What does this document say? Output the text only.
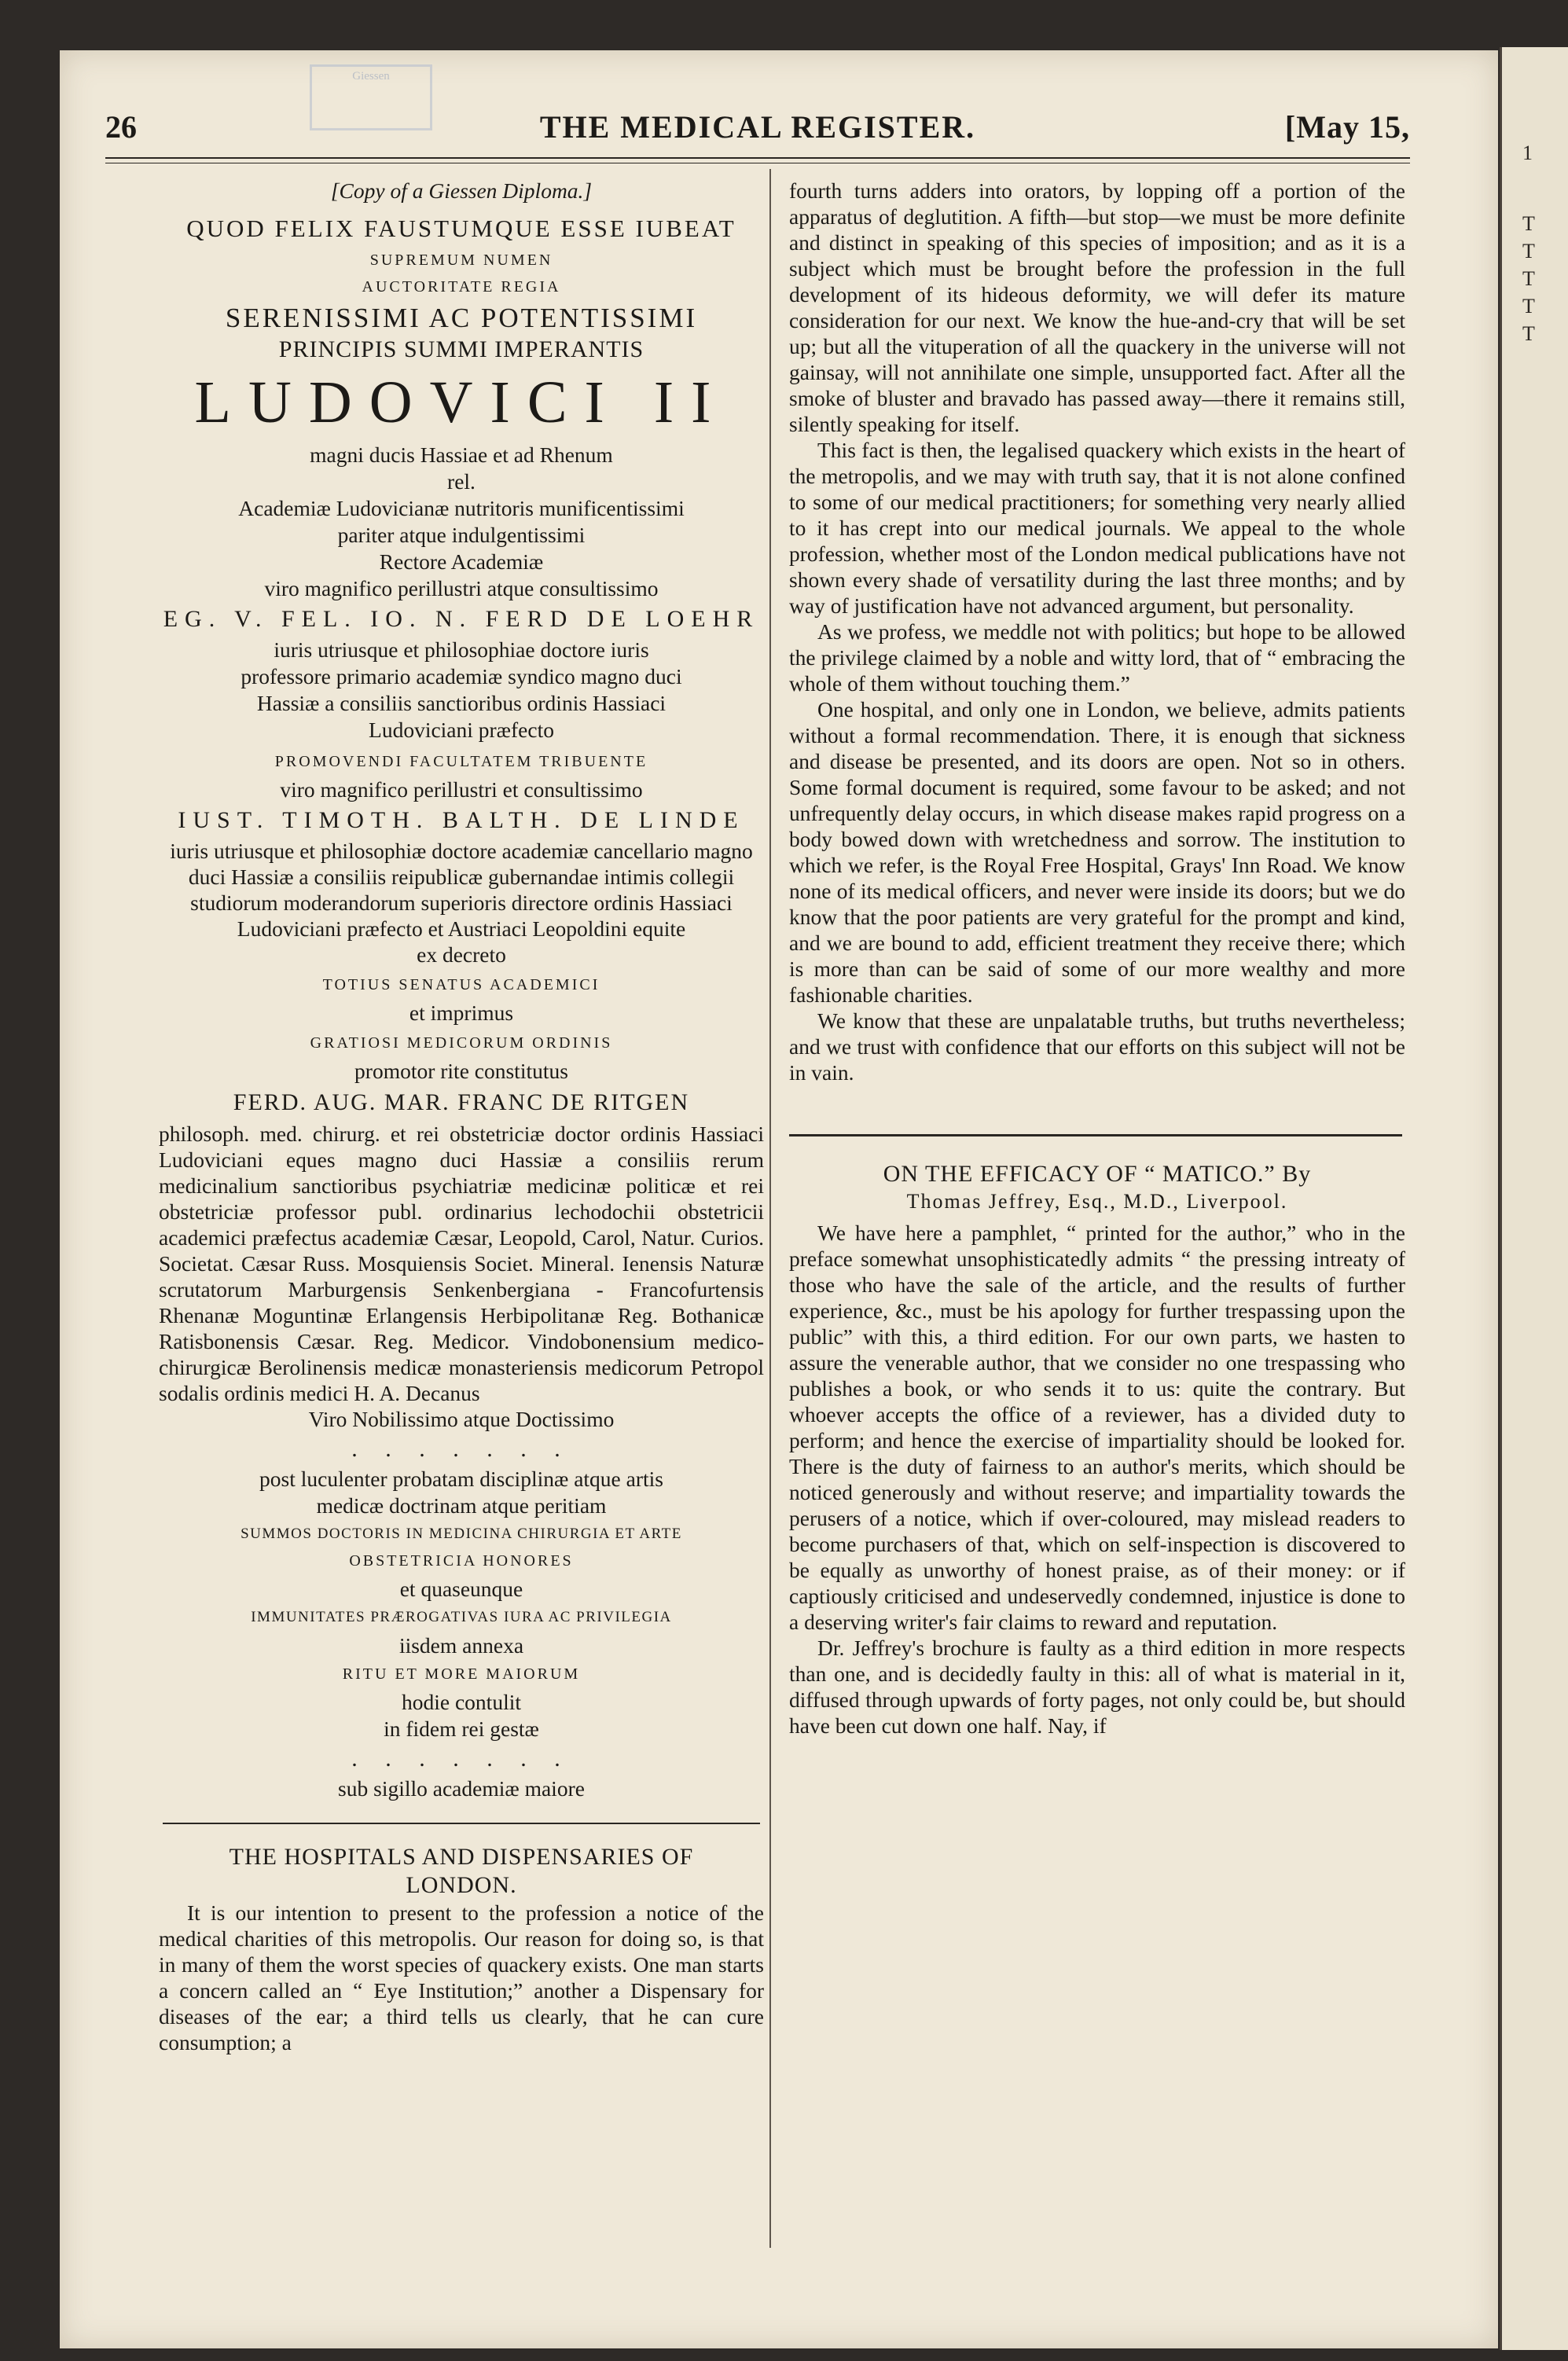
Giessen
1
T
T
T
T
T
THE MEDICAL REGISTER.
26	[May 15,

[Copy of a Giessen Diploma.]

QUOD FELIX FAUSTUMQUE ESSE IUBEAT

SUPREMUM NUMEN

AUCTORITATE REGIA

SERENISSIMI AC POTENTISSIMI

PRINCIPIS SUMMI IMPERANTIS

LUDOVICI II

magni ducis Hassiae et ad Rhenum

rel.

Academiæ Ludovicianæ nutritoris munificentissimi

pariter atque indulgentissimi

Rectore Academiæ

viro magnifico perillustri atque consultissimo

EG. V. FEL. IO. N. FERD DE LOEHR

iuris utriusque et philosophiae doctore iuris

professore primario academiæ syndico magno duci

Hassiæ a consiliis sanctioribus ordinis Hassiaci

Ludoviciani præfecto

PROMOVENDI FACULTATEM TRIBUENTE

viro magnifico perillustri et consultissimo

IUST. TIMOTH. BALTH. DE LINDE

iuris utriusque et philosophiæ doctore academiæ cancellario magno duci Hassiæ a consiliis reipublicæ gubernandae intimis collegii studiorum moderandorum superioris directore ordinis Hassiaci Ludoviciani præfecto et Austriaci Leopoldini equite

ex decreto

TOTIUS SENATUS ACADEMICI

et imprimus

GRATIOSI MEDICORUM ORDINIS

promotor rite constitutus

FERD. AUG. MAR. FRANC DE RITGEN

philosoph. med. chirurg. et rei obstetriciæ doctor ordinis Hassiaci Ludoviciani eques magno duci Hassiæ a consiliis rerum medicinalium sanctioribus psychiatriæ medicinæ politicæ et rei obstetriciæ professor publ. ordinarius lechodochii obstetricii academici præfectus academiæ Cæsar, Leopold, Carol, Natur. Curios. Societat. Cæsar Russ. Mosquiensis Societ. Mineral. Ienensis Naturæ scrutatorum Marburgensis Senkenbergiana - Francofurtensis Rhenanæ Moguntinæ Erlangensis Herbipolitanæ Reg. Bothanicæ Ratisbonensis Cæsar. Reg. Medicor. Vindobonensium medico-chirurgicæ Berolinensis medicæ monasteriensis medicorum Petropol sodalis ordinis medici H. A. Decanus

Viro Nobilissimo atque Doctissimo

. . . . . . .

post luculenter probatam disciplinæ atque artis

medicæ doctrinam atque peritiam

SUMMOS DOCTORIS IN MEDICINA CHIRURGIA ET ARTE

OBSTETRICIA HONORES

et quaseunque

IMMUNITATES PRÆROGATIVAS IURA AC PRIVILEGIA

iisdem annexa

RITU ET MORE MAIORUM

hodie contulit

in fidem rei gestæ

. . . . . . .

sub sigillo academiæ maiore

THE HOSPITALS AND DISPENSARIES OF

LONDON.

It is our intention to present to the profession a notice of the medical charities of this metropolis. Our reason for doing so, is that in many of them the worst species of quackery exists. One man starts a concern called an “ Eye Institution;” another a Dispensary for diseases of the ear; a third tells us clearly, that he can cure consumption; a

fourth turns adders into orators, by lopping off a portion of the apparatus of deglutition. A fifth—but stop—we must be more definite and distinct in speaking of this species of imposition; and as it is a subject which must be brought before the profession in the full development of its hideous deformity, we will defer its mature consideration for our next. We know the hue-and-cry that will be set up; but all the vituperation of all the quackery in the universe will not gainsay, will not annihilate one simple, unsupported fact. After all the smoke of bluster and bravado has passed away—there it remains still, silently speaking for itself.

This fact is then, the legalised quackery which exists in the heart of the metropolis, and we may with truth say, that it is not alone confined to some of our medical practitioners; for something very nearly allied to it has crept into our medical journals. We appeal to the whole profession, whether most of the London medical publications have not shown every shade of versatility during the last three months; and by way of justification have not advanced argument, but personality.

As we profess, we meddle not with politics; but hope to be allowed the privilege claimed by a noble and witty lord, that of “ embracing the whole of them without touching them.”

One hospital, and only one in London, we believe, admits patients without a formal recommendation. There, it is enough that sickness and disease be presented, and its doors are open. Not so in others. Some formal document is required, some favour to be asked; and not unfrequently delay occurs, in which disease makes rapid progress on a body bowed down with wretchedness and sorrow. The institution to which we refer, is the Royal Free Hospital, Grays' Inn Road. We know none of its medical officers, and never were inside its doors; but we do know that the poor patients are very grateful for the prompt and kind, and we are bound to add, efficient treatment they receive there; which is more than can be said of some of our more wealthy and more fashionable charities.

We know that these are unpalatable truths, but truths nevertheless; and we trust with confidence that our efforts on this subject will not be in vain.

ON THE EFFICACY OF “ MATICO.” By

Thomas Jeffrey, Esq., M.D., Liverpool.

We have here a pamphlet, “ printed for the author,” who in the preface somewhat unsophisticatedly admits “ the pressing intreaty of those who have the sale of the article, and the results of further experience, &c., must be his apology for further trespassing upon the public” with this, a third edition. For our own parts, we hasten to assure the venerable author, that we consider no one trespassing who publishes a book, or who sends it to us: quite the contrary. But whoever accepts the office of a reviewer, has a divided duty to perform; and hence the exercise of impartiality should be looked for. There is the duty of fairness to an author's merits, which should be noticed generously and without reserve; and impartiality towards the perusers of a notice, which if over-coloured, may mislead readers to become purchasers of that, which on self-inspection is discovered to be equally as unworthy of honest praise, as of their money: or if captiously criticised and undeservedly condemned, injustice is done to a deserving writer's fair claims to reward and reputation.

Dr. Jeffrey's brochure is faulty as a third edition in more respects than one, and is decidedly faulty in this: all of what is material in it, diffused through upwards of forty pages, not only could be, but should have been cut down one half. Nay, if
